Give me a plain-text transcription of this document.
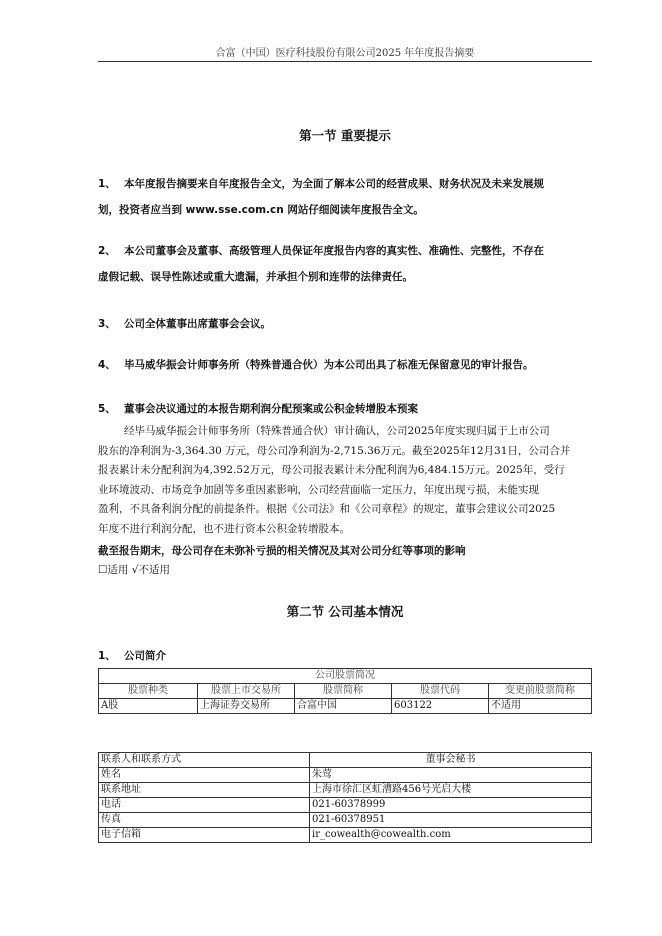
合富（中国）医疗科技股份有限公司2025 年年度报告摘要
第一节 重要提示
1、 本年度报告摘要来自年度报告全文，为全面了解本公司的经营成果、财务状况及未来发展规
划，投资者应当到 www.sse.com.cn 网站仔细阅读年度报告全文。
2、 本公司董事会及董事、高级管理人员保证年度报告内容的真实性、准确性、完整性，不存在
虚假记载、误导性陈述或重大遗漏，并承担个别和连带的法律责任。
3、 公司全体董事出席董事会会议。
4、 毕马威华振会计师事务所（特殊普通合伙）为本公司出具了标准无保留意见的审计报告。
5、 董事会决议通过的本报告期利润分配预案或公积金转增股本预案
经毕马威华振会计师事务所（特殊普通合伙）审计确认，公司2025年度实现归属于上市公司
股东的净利润为-3,364.30 万元，母公司净利润为-2,715.36万元。截至2025年12月31日，公司合并
报表累计未分配利润为4,392.52万元，母公司报表累计未分配利润为6,484.15万元。2025年，受行
业环境波动、市场竞争加剧等多重因素影响，公司经营面临一定压力，年度出现亏损，未能实现
盈利，不具备利润分配的前提条件。根据《公司法》和《公司章程》的规定，董事会建议公司2025
年度不进行利润分配，也不进行资本公积金转增股本。
截至报告期末，母公司存在未弥补亏损的相关情况及其对公司分红等事项的影响
☐适用 √不适用
第二节 公司基本情况
1、 公司简介
公司股票简况				
股票种类	股票上市交易所	股票简称	股票代码	变更前股票简称
A股	上海证券交易所	合富中国	603122	不适用
联系人和联系方式	董事会秘书
姓名	朱莺
联系地址	上海市徐汇区虹漕路456号光启大楼
电话	021-60378999
传真	021-60378951
电子信箱	ir_cowealth@cowealth.com
